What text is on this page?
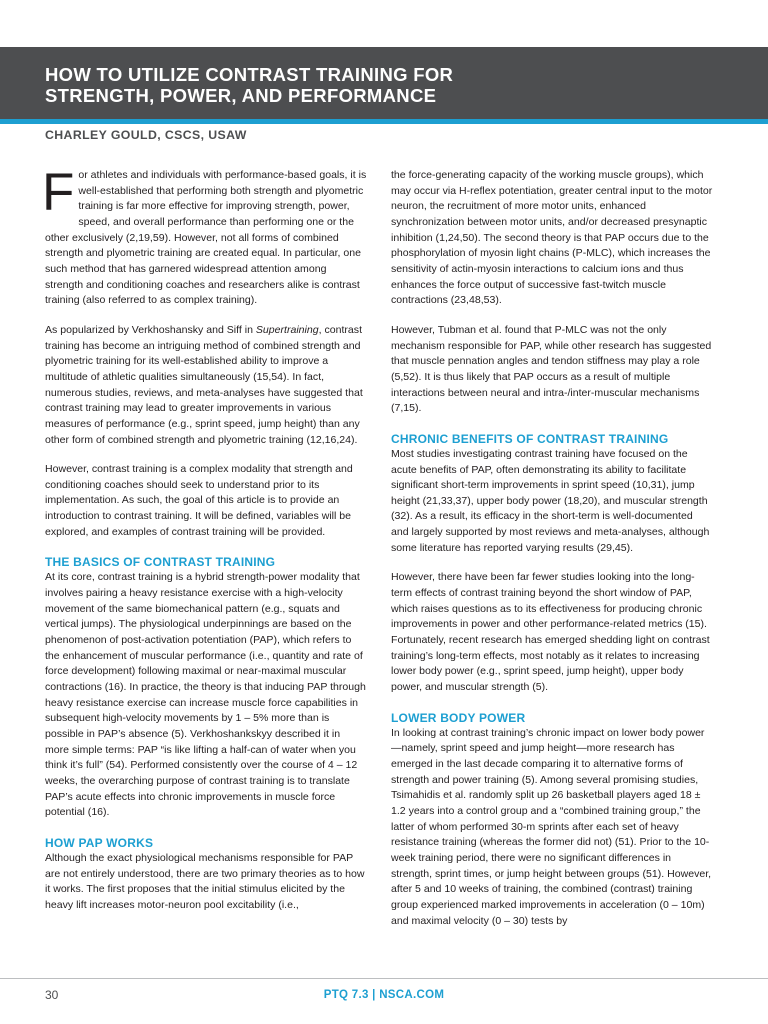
HOW TO UTILIZE CONTRAST TRAINING FOR
STRENGTH, POWER, AND PERFORMANCE

CHARLEY GOULD, CSCS, USAW

For athletes and individuals with performance-based goals, it is well-established that performing both strength and plyometric training is far more effective for improving strength, power, speed, and overall performance than performing one or the other exclusively (2,19,59). However, not all forms of combined strength and plyometric training are created equal. In particular, one such method that has garnered widespread attention among strength and conditioning coaches and researchers alike is contrast training (also referred to as complex training).

As popularized by Verkhoshansky and Siff in Supertraining, contrast training has become an intriguing method of combined strength and plyometric training for its well-established ability to improve a multitude of athletic qualities simultaneously (15,54). In fact, numerous studies, reviews, and meta-analyses have suggested that contrast training may lead to greater improvements in various measures of performance (e.g., sprint speed, jump height) than any other form of combined strength and plyometric training (12,16,24).

However, contrast training is a complex modality that strength and conditioning coaches should seek to understand prior to its implementation. As such, the goal of this article is to provide an introduction to contrast training. It will be defined, variables will be explored, and examples of contrast training will be provided.

THE BASICS OF CONTRAST TRAINING

At its core, contrast training is a hybrid strength-power modality that involves pairing a heavy resistance exercise with a high-velocity movement of the same biomechanical pattern (e.g., squats and vertical jumps). The physiological underpinnings are based on the phenomenon of post-activation potentiation (PAP), which refers to the enhancement of muscular performance (i.e., quantity and rate of force development) following maximal or near-maximal muscular contractions (16). In practice, the theory is that inducing PAP through heavy resistance exercise can increase muscle force capabilities in subsequent high-velocity movements by 1 – 5% more than is possible in PAP’s absence (5). Verkhoshankskyy described it in more simple terms: PAP “is like lifting a half-can of water when you think it’s full” (54). Performed consistently over the course of 4 – 12 weeks, the overarching purpose of contrast training is to translate PAP’s acute effects into chronic improvements in muscle force potential (16).

HOW PAP WORKS

Although the exact physiological mechanisms responsible for PAP are not entirely understood, there are two primary theories as to how it works. The first proposes that the initial stimulus elicited by the heavy lift increases motor-neuron pool excitability (i.e.,

the force-generating capacity of the working muscle groups), which may occur via H-reflex potentiation, greater central input to the motor neuron, the recruitment of more motor units, enhanced synchronization between motor units, and/or decreased presynaptic inhibition (1,24,50). The second theory is that PAP occurs due to the phosphorylation of myosin light chains (P-MLC), which increases the sensitivity of actin-myosin interactions to calcium ions and thus enhances the force output of successive fast-twitch muscle contractions (23,48,53).

However, Tubman et al. found that P-MLC was not the only mechanism responsible for PAP, while other research has suggested that muscle pennation angles and tendon stiffness may play a role (5,52). It is thus likely that PAP occurs as a result of multiple interactions between neural and intra-/inter-muscular mechanisms (7,15).

CHRONIC BENEFITS OF CONTRAST TRAINING

Most studies investigating contrast training have focused on the acute benefits of PAP, often demonstrating its ability to facilitate significant short-term improvements in sprint speed (10,31), jump height (21,33,37), upper body power (18,20), and muscular strength (32). As a result, its efficacy in the short-term is well-documented and largely supported by most reviews and meta-analyses, although some literature has reported varying results (29,45).

However, there have been far fewer studies looking into the long-term effects of contrast training beyond the short window of PAP, which raises questions as to its effectiveness for producing chronic improvements in power and other performance-related metrics (15). Fortunately, recent research has emerged shedding light on contrast training’s long-term effects, most notably as it relates to increasing lower body power (e.g., sprint speed, jump height), upper body power, and muscular strength (5).

LOWER BODY POWER

In looking at contrast training’s chronic impact on lower body power—namely, sprint speed and jump height—more research has emerged in the last decade comparing it to alternative forms of strength and power training (5). Among several promising studies, Tsimahidis et al. randomly split up 26 basketball players aged 18 ± 1.2 years into a control group and a “combined training group,” the latter of whom performed 30-m sprints after each set of heavy resistance training (whereas the former did not) (51). Prior to the 10-week training period, there were no significant differences in strength, sprint times, or jump height between groups (51). However, after 5 and 10 weeks of training, the combined (contrast) training group experienced marked improvements in acceleration (0 – 10m) and maximal velocity (0 – 30) tests by

30	PTQ 7.3 | NSCA.COM
